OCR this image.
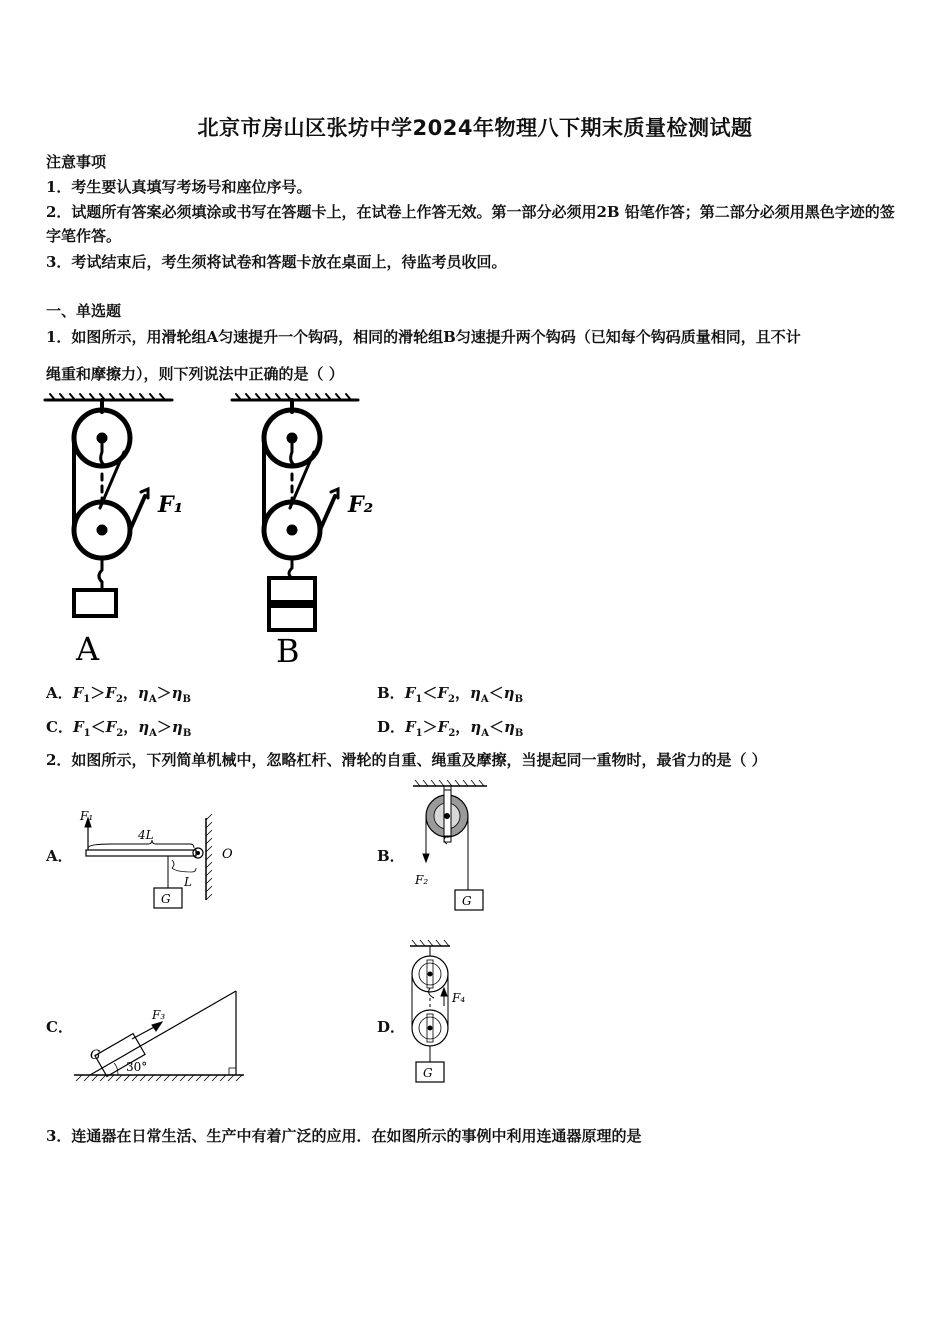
北京市房山区张坊中学2024年物理八下期末质量检测试题
注意事项
1．考生要认真填写考场号和座位序号。
2．试题所有答案必须填涂或书写在答题卡上，在试卷上作答无效。第一部分必须用2B 铅笔作答；第二部分必须用黑色字迹的签字笔作答。
3．考试结束后，考生须将试卷和答题卡放在桌面上，待监考员收回。
一、单选题
1．如图所示，用滑轮组A匀速提升一个钩码，相同的滑轮组B匀速提升两个钩码（已知每个钩码质量相同，且不计
绳重和摩擦力），则下列说法中正确的是（ ）
F₂
F₁
A	B
A．$F_1>F_2$，$\eta_A>\eta_B$	B．$F_1<F_2$，$\eta_A<\eta_B$
C．$F_1<F_2$，$\eta_A>\eta_B$	D．$F_1>F_2$，$\eta_A<\eta_B$
2．如图所示，下列简单机械中，忽略杠杆、滑轮的自重、绳重及摩擦，当提起同一重物时，最省力的是（ ）
A．	B．
C．	D．
F₁
4L
O
L
G
F₂
G
G
F₃
30°
F₄
G
3．连通器在日常生活、生产中有着广泛的应用．在如图所示的事例中利用连通器原理的是
